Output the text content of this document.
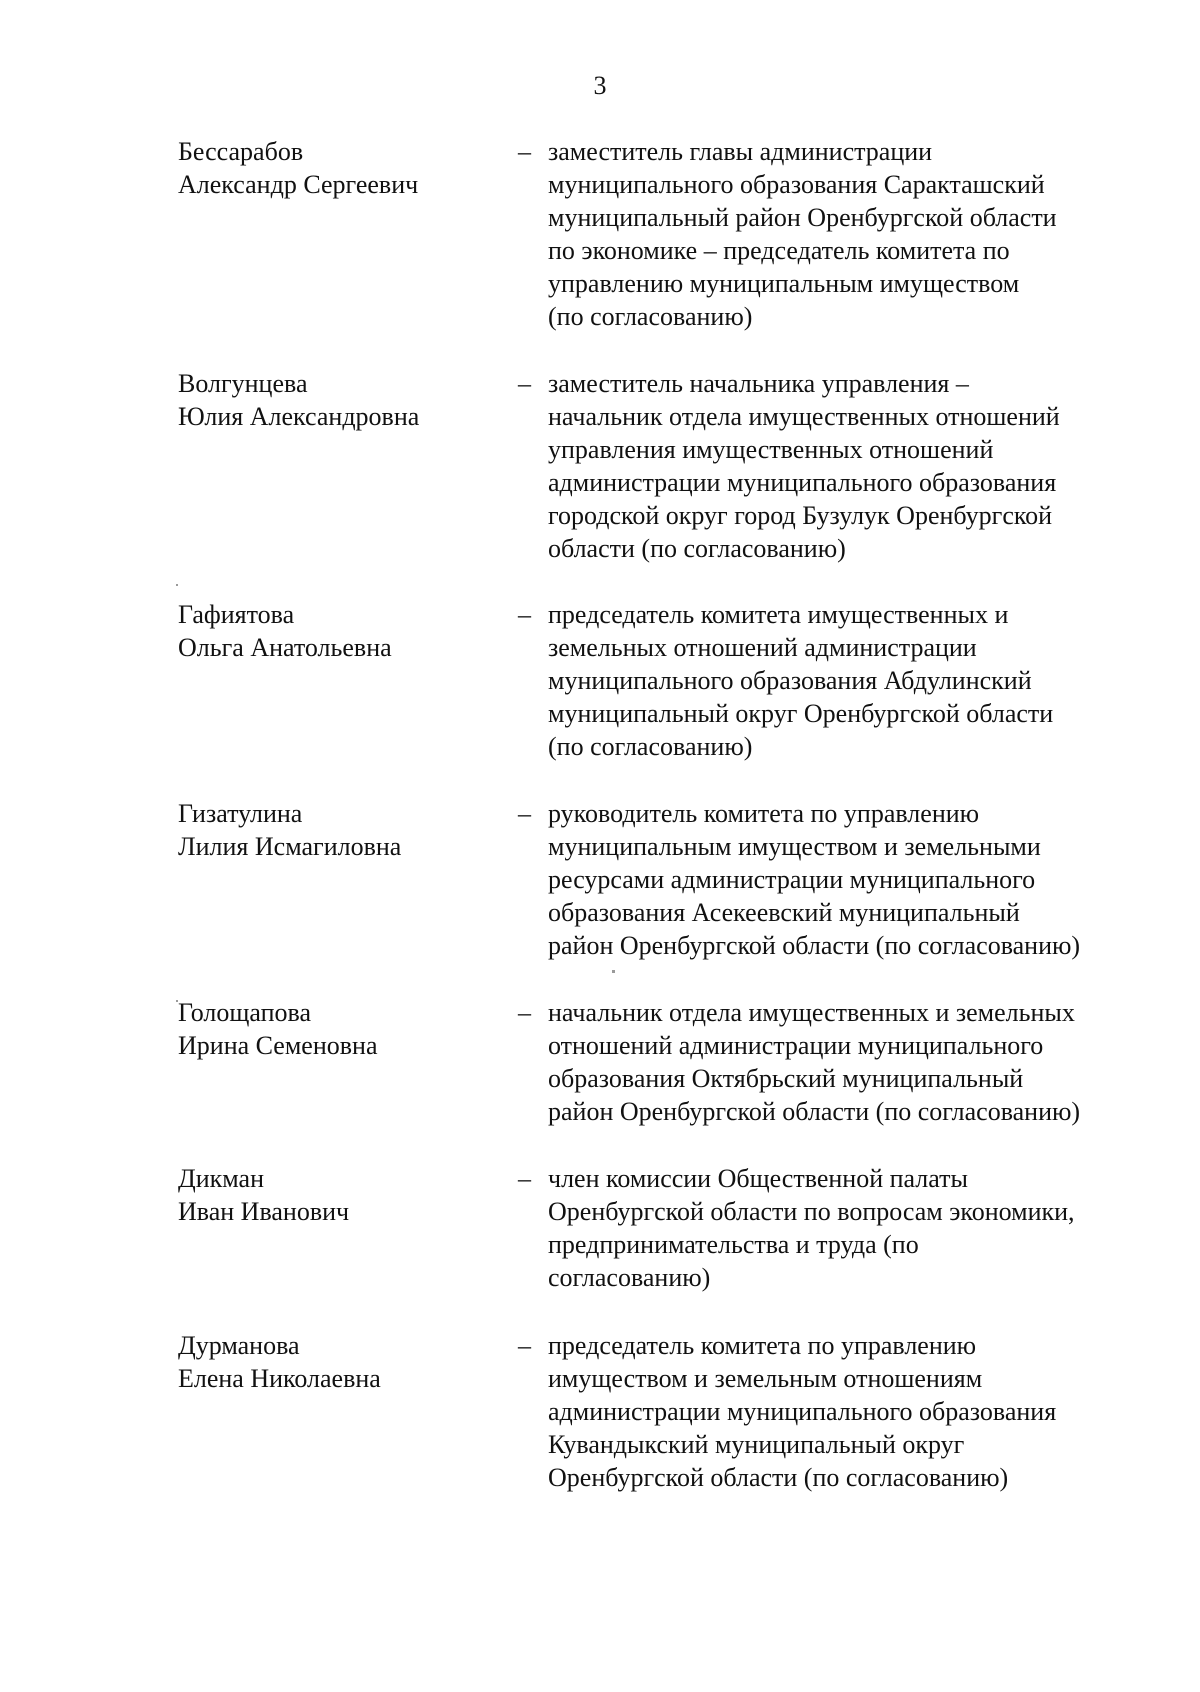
3
Бессарабов
Александр Сергеевич
– заместитель главы администрации
муниципального образования Саракташский
муниципальный район Оренбургской области
по экономике – председатель комитета по
управлению муниципальным имуществом
(по согласованию)
Волгунцева
Юлия Александровна
– заместитель начальника управления –
начальник отдела имущественных отношений
управления имущественных отношений
администрации муниципального образования
городской округ город Бузулук Оренбургской
области (по согласованию)
Гафиятова
Ольга Анатольевна
– председатель комитета имущественных и
земельных отношений администрации
муниципального образования Абдулинский
муниципальный округ Оренбургской области
(по согласованию)
Гизатулина
Лилия Исмагиловна
– руководитель комитета по управлению
муниципальным имуществом и земельными
ресурсами администрации муниципального
образования Асекеевский муниципальный
район Оренбургской области (по согласованию)
Голощапова
Ирина Семеновна
– начальник отдела имущественных и земельных
отношений администрации муниципального
образования Октябрьский муниципальный
район Оренбургской области (по согласованию)
Дикман
Иван Иванович
– член комиссии Общественной палаты
Оренбургской области по вопросам экономики,
предпринимательства и труда (по
согласованию)
Дурманова
Елена Николаевна
– председатель комитета по управлению
имуществом и земельным отношениям
администрации муниципального образования
Кувандыкский муниципальный округ
Оренбургской области (по согласованию)
